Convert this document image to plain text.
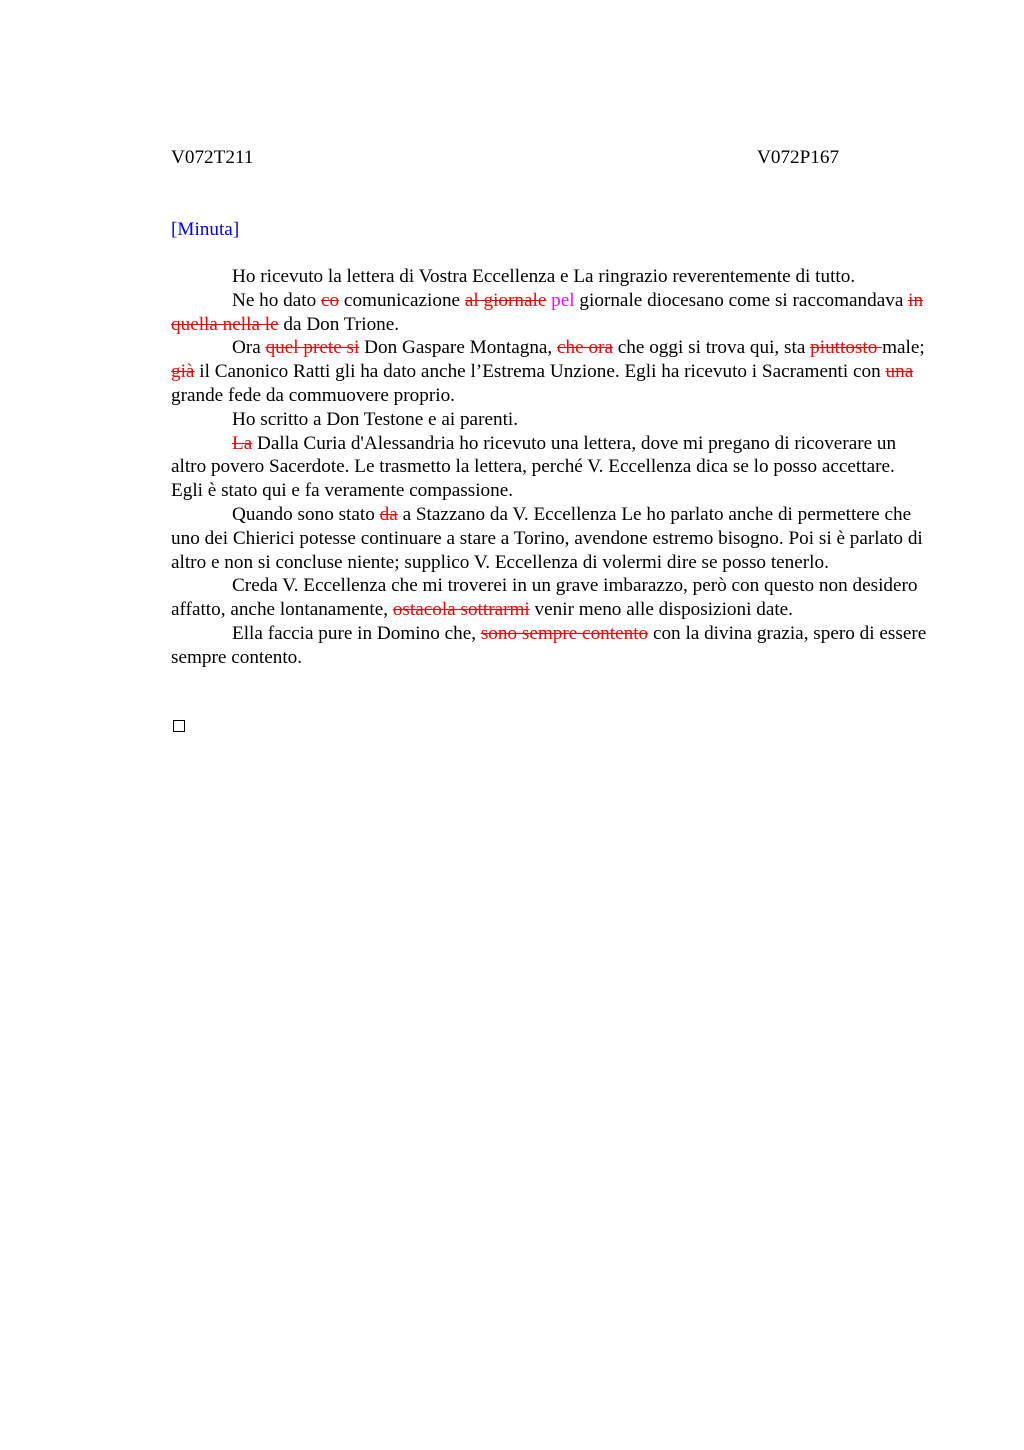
V072T211	V072P167
[Minuta]

Ho ricevuto la lettera di Vostra Eccellenza e La ringrazio reverentemente di tutto.

Ne ho dato co comunicazione al giornale pel giornale diocesano come si raccomandava in quella nella le da Don Trione.

Ora quel prete si Don Gaspare Montagna, che ora che oggi si trova qui, sta piuttosto male; già il Canonico Ratti gli ha dato anche l’Estrema Unzione. Egli ha ricevuto i Sacramenti con una grande fede da commuovere proprio.

Ho scritto a Don Testone e ai parenti.

La Dalla Curia d'Alessandria ho ricevuto una lettera, dove mi pregano di ricoverare un altro povero Sacerdote. Le trasmetto la lettera, perché V. Eccellenza dica se lo posso accettare. Egli è stato qui e fa veramente compassione.

Quando sono stato da a Stazzano da V. Eccellenza Le ho parlato anche di permettere che uno dei Chierici potesse continuare a stare a Torino, avendone estremo bisogno. Poi si è parlato di altro e non si concluse niente; supplico V. Eccellenza di volermi dire se posso tenerlo.

Creda V. Eccellenza che mi troverei in un grave imbarazzo, però con questo non desidero affatto, anche lontanamente, ostacola sottrarmi venir meno alle disposizioni date.

Ella faccia pure in Domino che, sono sempre contento con la divina grazia, spero di essere sempre contento.
